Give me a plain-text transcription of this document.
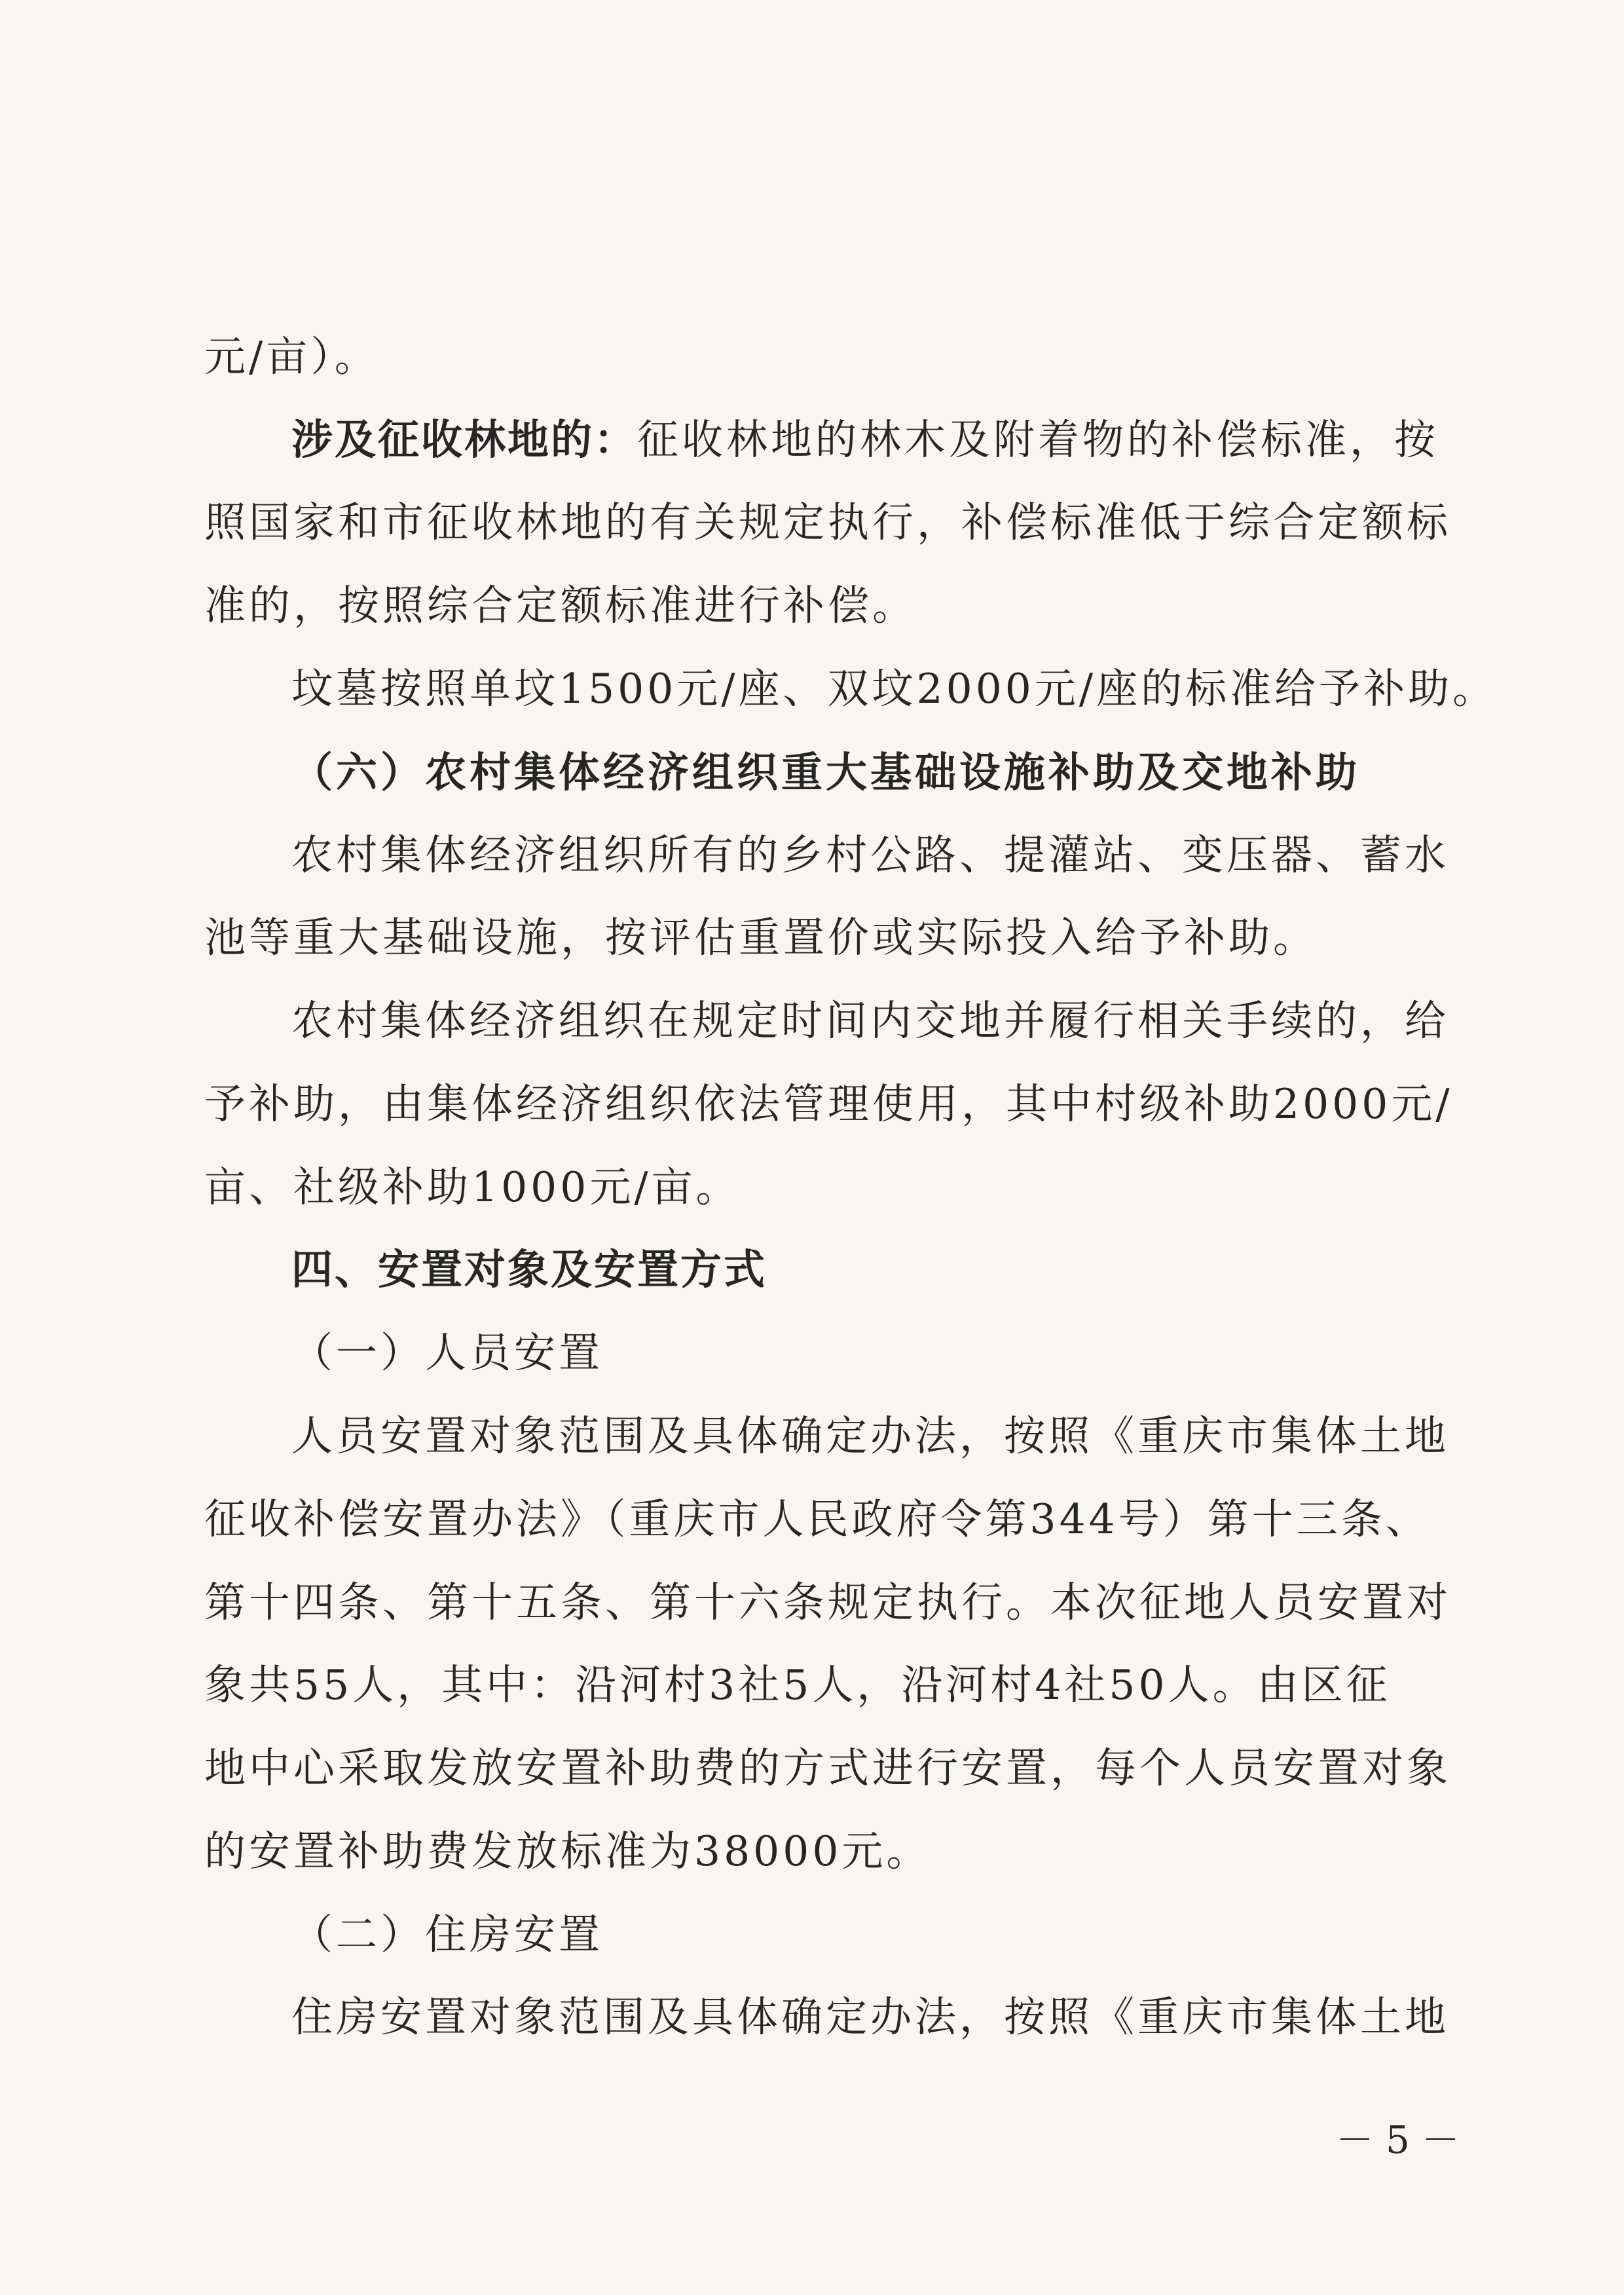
元/亩）。
涉及征收林地的：征收林地的林木及附着物的补偿标准，按
照国家和市征收林地的有关规定执行，补偿标准低于综合定额标
准的，按照综合定额标准进行补偿。
坟墓按照单坟1500元/座、双坟2000元/座的标准给予补助。
（六）农村集体经济组织重大基础设施补助及交地补助
农村集体经济组织所有的乡村公路、提灌站、变压器、蓄水
池等重大基础设施，按评估重置价或实际投入给予补助。
农村集体经济组织在规定时间内交地并履行相关手续的，给
予补助，由集体经济组织依法管理使用，其中村级补助2000元/
亩、社级补助1000元/亩。
四、安置对象及安置方式
（一）人员安置
人员安置对象范围及具体确定办法，按照《重庆市集体土地
征收补偿安置办法》（重庆市人民政府令第344号）第十三条、
第十四条、第十五条、第十六条规定执行。本次征地人员安置对
象共55人，其中：沿河村3社5人，沿河村4社50人。由区征
地中心采取发放安置补助费的方式进行安置，每个人员安置对象
的安置补助费发放标准为38000元。
（二）住房安置
住房安置对象范围及具体确定办法，按照《重庆市集体土地
－5－
